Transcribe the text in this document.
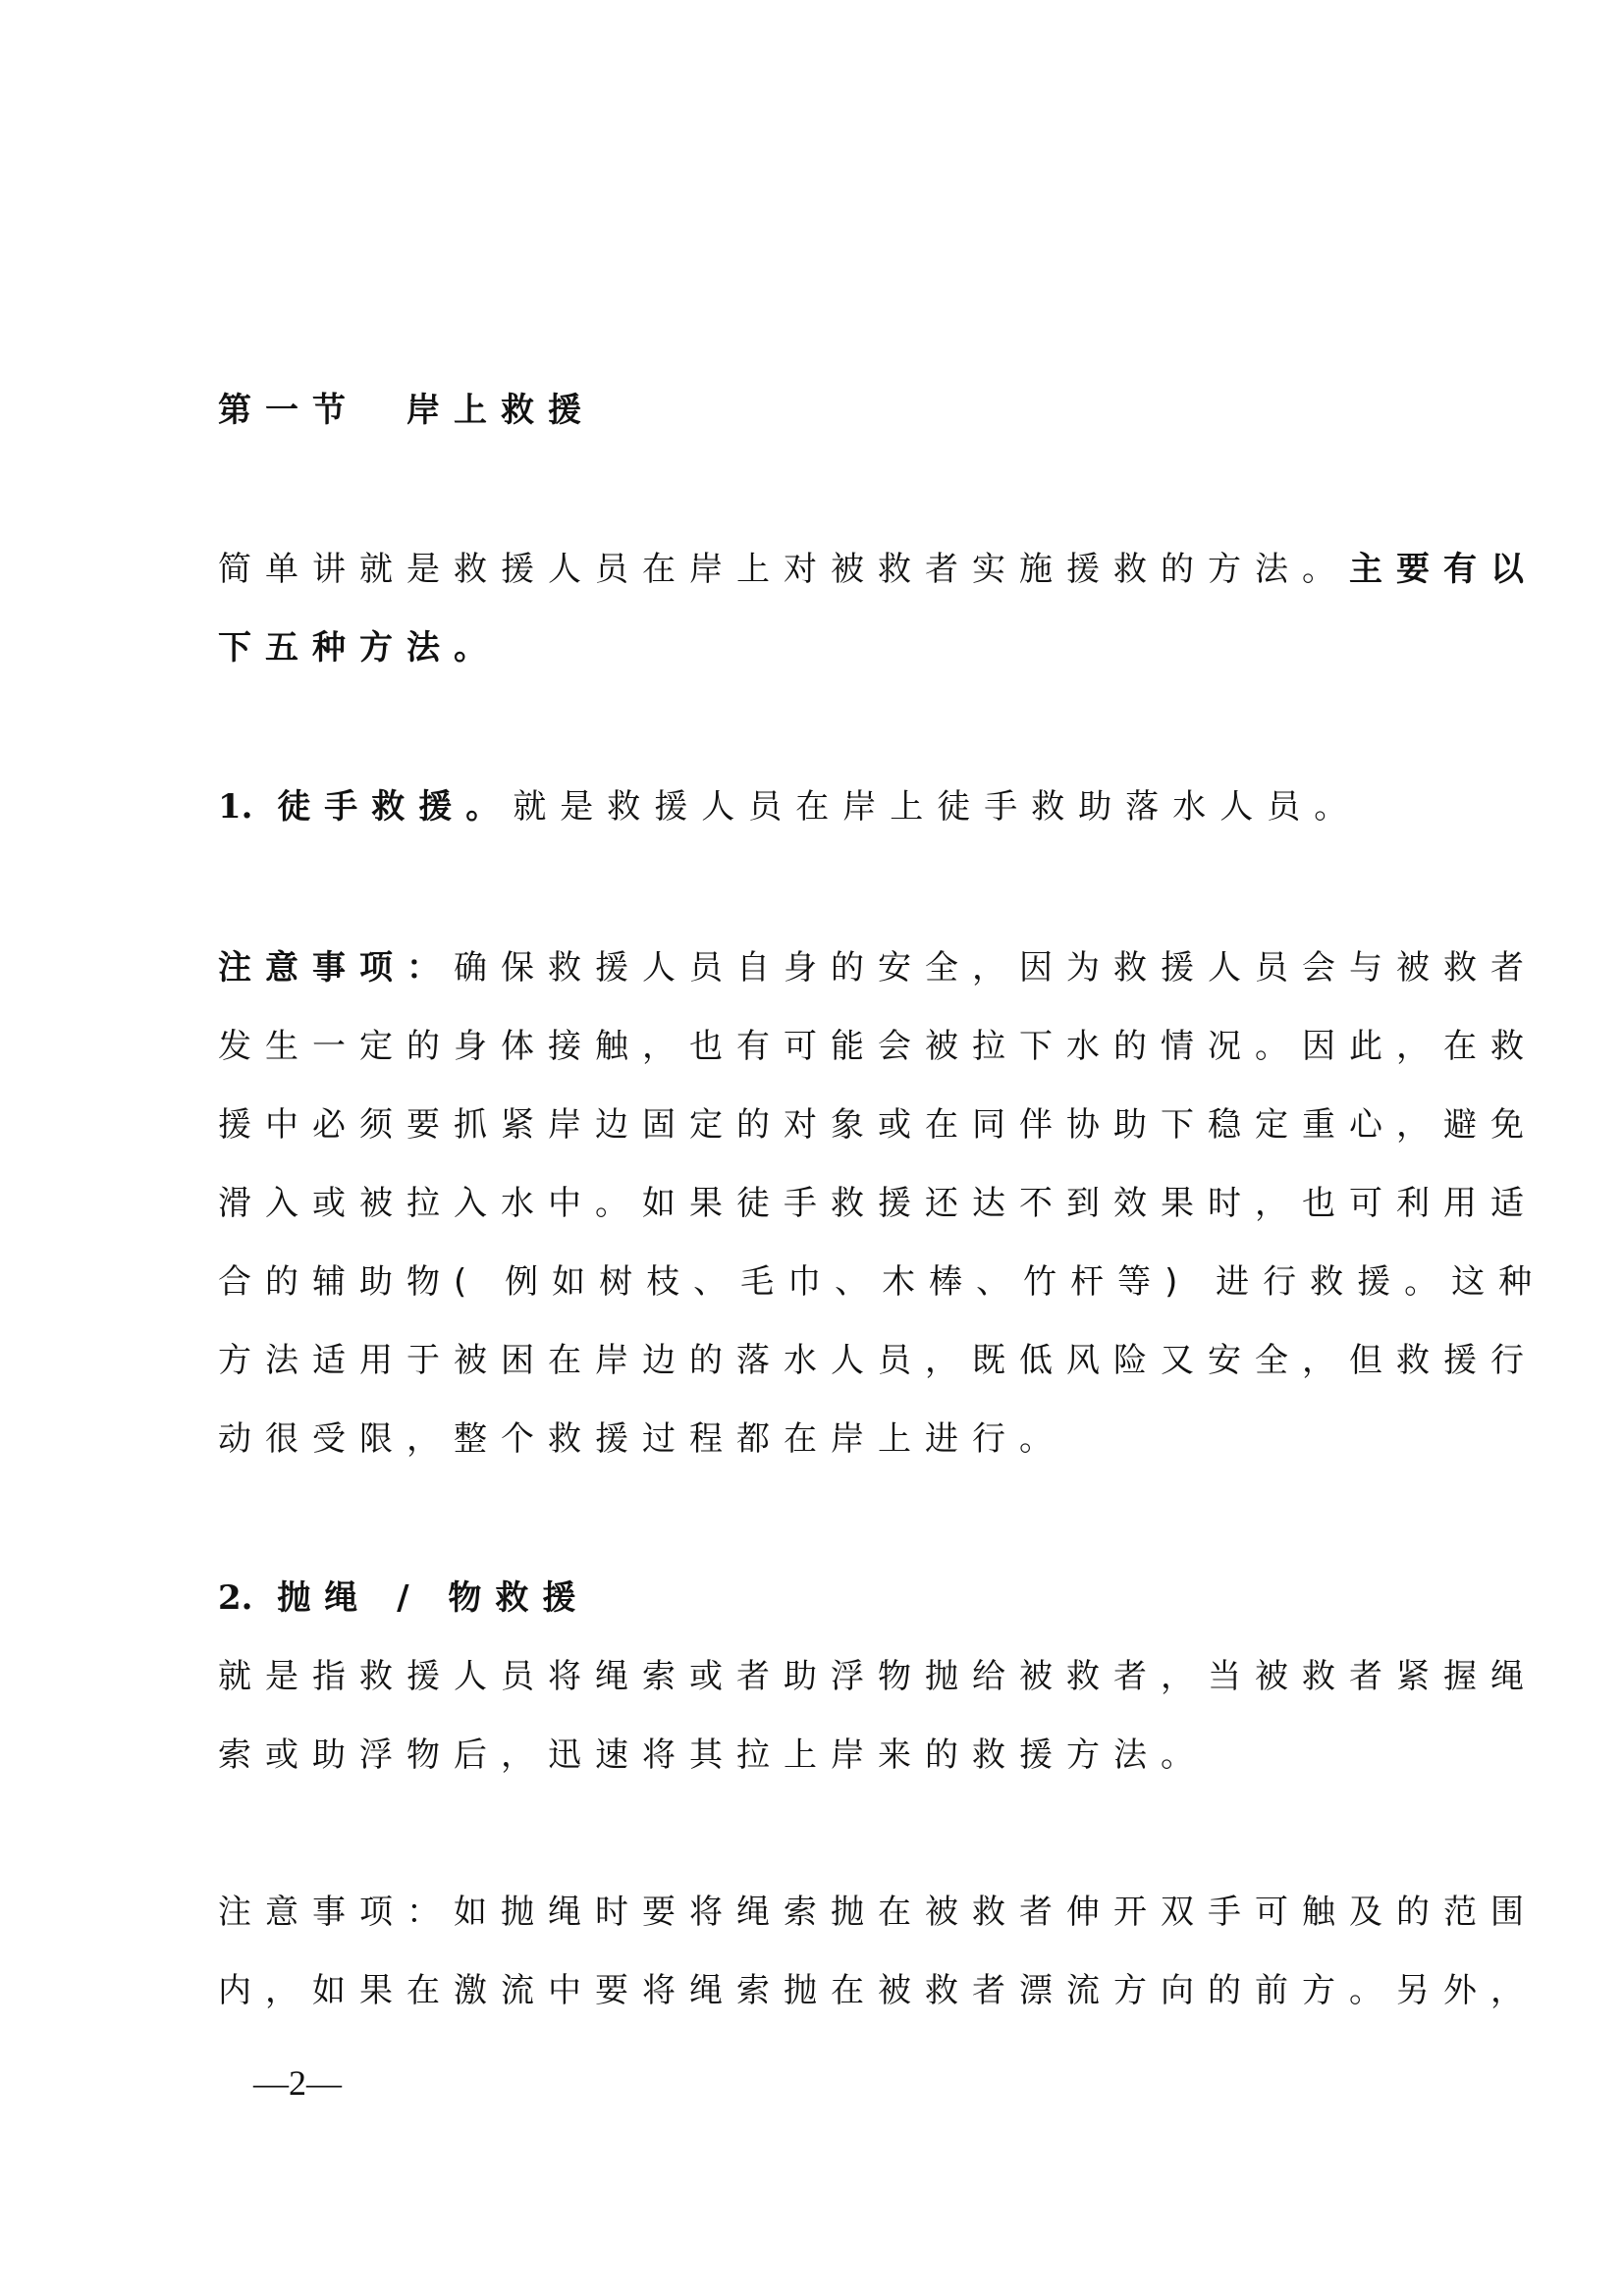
第一节　岸上救援
简单讲就是救援人员在岸上对被救者实施援救的方法。主要有以
下五种方法。
1. 徒手救援。就是救援人员在岸上徒手救助落水人员。
注意事项：确保救援人员自身的安全，因为救援人员会与被救者
发生一定的身体接触，也有可能会被拉下水的情况。因此，在救
援中必须要抓紧岸边固定的对象或在同伴协助下稳定重心，避免
滑入或被拉入水中。如果徒手救援还达不到效果时，也可利用适
合的辅助物( 例如树枝、毛巾、木棒、竹杆等) 进行救援。这种
方法适用于被困在岸边的落水人员，既低风险又安全，但救援行
动很受限，整个救援过程都在岸上进行。
2. 抛绳 / 物救援
就是指救援人员将绳索或者助浮物抛给被救者，当被救者紧握绳
索或助浮物后，迅速将其拉上岸来的救援方法。
注意事项：如抛绳时要将绳索抛在被救者伸开双手可触及的范围
内，如果在激流中要将绳索抛在被救者漂流方向的前方。另外，
—2—
